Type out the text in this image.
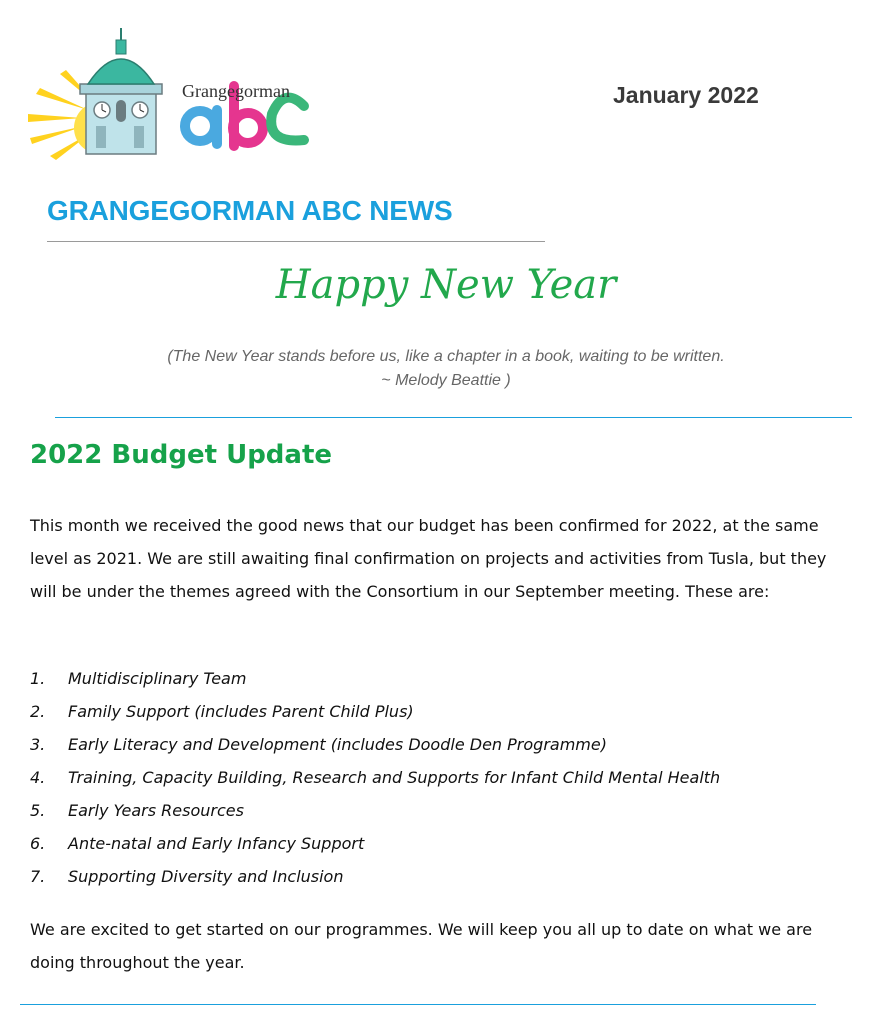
Grangegorman	January 2022
GRANGEGORMAN ABC NEWS
Happy New Year
(The New Year stands before us, like a chapter in a book, waiting to be written.
~ Melody Beattie )
2022 Budget Update

This month we received the good news that our budget has been confirmed for 2022, at the same level as 2021. We are still awaiting final confirmation on projects and activities from Tusla, but they will be under the themes agreed with the Consortium in our September meeting. These are:

1.	Multidisciplinary Team
2.	Family Support (includes Parent Child Plus)
3.	Early Literacy and Development (includes Doodle Den Programme)
4.	Training, Capacity Building, Research and Supports for Infant Child Mental Health
5.	Early Years Resources
6.	Ante-natal and Early Infancy Support
7.	Supporting Diversity and Inclusion

We are excited to get started on our programmes. We will keep you all up to date on what we are doing throughout the year.
